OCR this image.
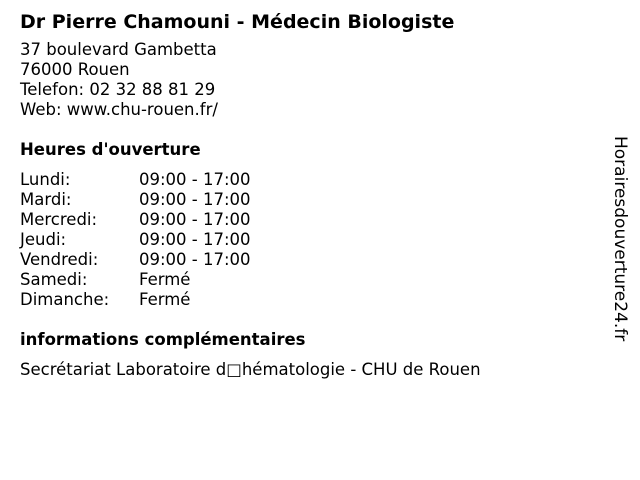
Dr Pierre Chamouni - Médecin Biologiste
37 boulevard Gambetta
76000 Rouen
Telefon: 02 32 88 81 29
Web: www.chu-rouen.fr/
Heures d'ouverture
Lundi:	09:00 - 17:00
Mardi:	09:00 - 17:00
Mercredi:	09:00 - 17:00
Jeudi:	09:00 - 17:00
Vendredi:	09:00 - 17:00
Samedi:	Fermé
Dimanche:	Fermé
informations complémentaires
Secrétariat Laboratoire d□hématologie - CHU de Rouen
Horairesdouverture24.fr
